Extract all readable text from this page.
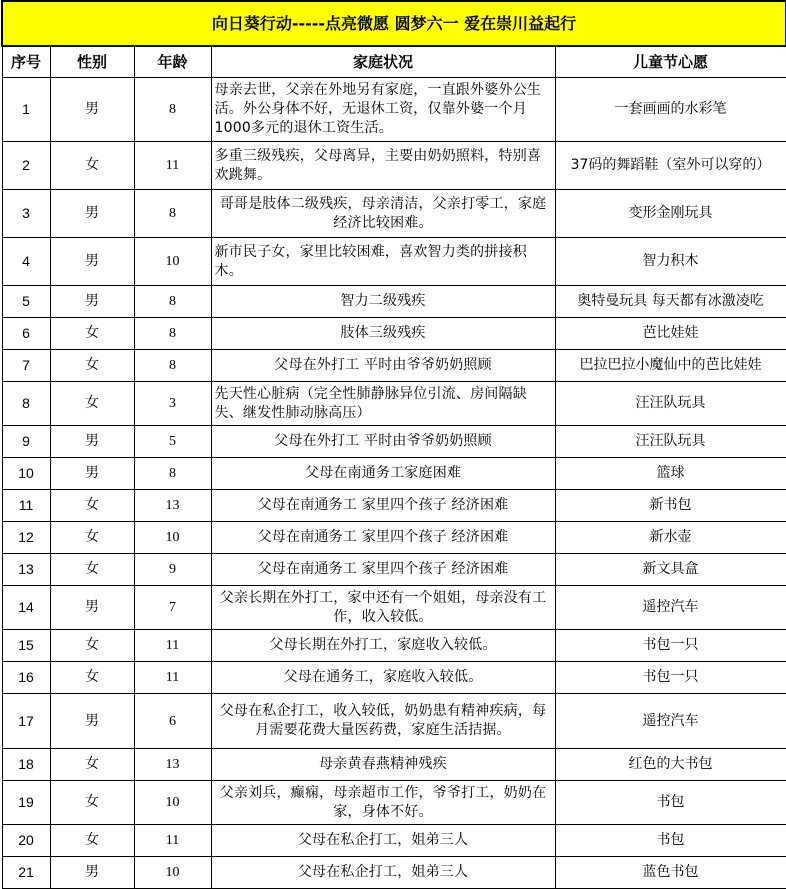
向日葵行动-----点亮微愿 圆梦六一 爱在崇川益起行				
序号	性别	年龄	家庭状况	儿童节心愿
1	男	8	母亲去世，父亲在外地另有家庭，一直跟外婆外公生活。外公身体不好，无退休工资，仅靠外婆一个月1000多元的退休工资生活。	一套画画的水彩笔
2	女	11	多重三级残疾，父母离异，主要由奶奶照料，特别喜欢跳舞。	37码的舞蹈鞋（室外可以穿的）
3	男	8	哥哥是肢体二级残疾，母亲清洁，父亲打零工，家庭经济比较困难。	变形金刚玩具
4	男	10	新市民子女，家里比较困难，喜欢智力类的拼接积木。	智力积木
5	男	8	智力二级残疾	奥特曼玩具 每天都有冰激凌吃
6	女	8	肢体三级残疾	芭比娃娃
7	女	8	父母在外打工 平时由爷爷奶奶照顾	巴拉巴拉小魔仙中的芭比娃娃
8	女	3	先天性心脏病（完全性肺静脉异位引流、房间隔缺失、继发性肺动脉高压）	汪汪队玩具
9	男	5	父母在外打工 平时由爷爷奶奶照顾	汪汪队玩具
10	男	8	父母在南通务工家庭困难	篮球
11	女	13	父母在南通务工 家里四个孩子 经济困难	新书包
12	女	10	父母在南通务工 家里四个孩子 经济困难	新水壶
13	女	9	父母在南通务工 家里四个孩子 经济困难	新文具盒
14	男	7	父亲长期在外打工，家中还有一个姐姐，母亲没有工作，收入较低。	遥控汽车
15	女	11	父母长期在外打工，家庭收入较低。	书包一只
16	女	11	父母在通务工，家庭收入较低。	书包一只
17	男	6	父母在私企打工，收入较低，奶奶患有精神疾病，每月需要花费大量医药费，家庭生活拮据。	遥控汽车
18	女	13	母亲黄春燕精神残疾	红色的大书包
19	女	10	父亲刘兵，癫痫，母亲超市工作，爷爷打工，奶奶在家，身体不好。	书包
20	女	11	父母在私企打工，姐弟三人	书包
21	男	10	父母在私企打工，姐弟三人	蓝色书包
